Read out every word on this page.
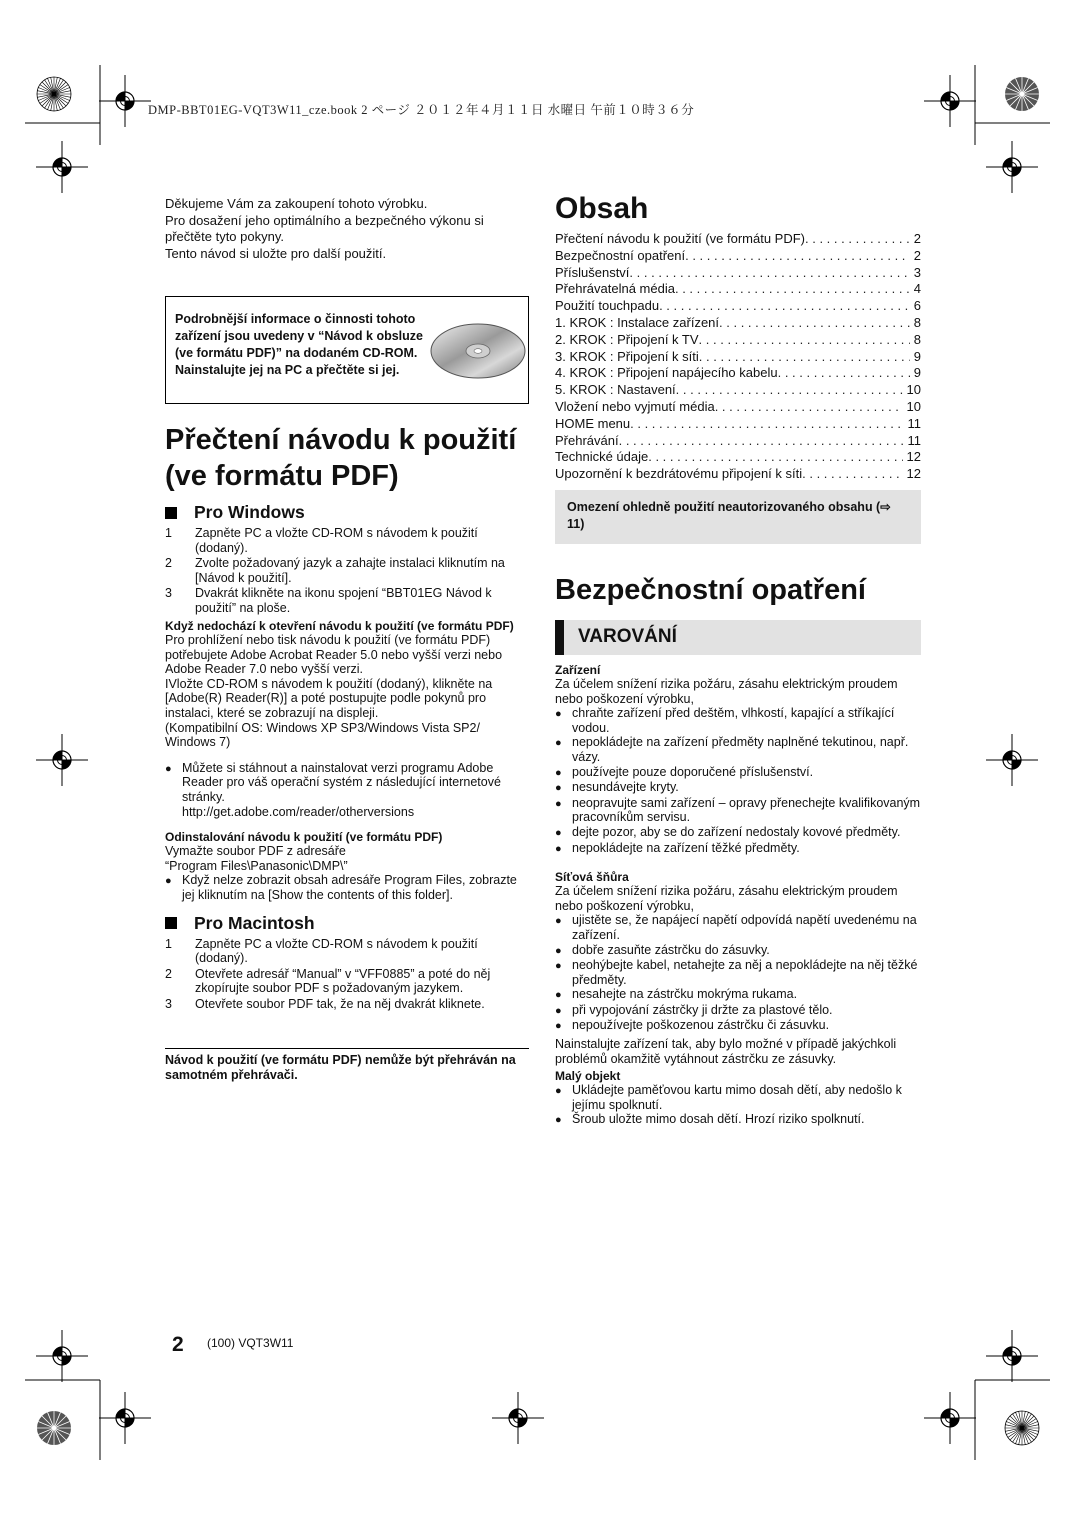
DMP-BBT01EG-VQT3W11_cze.book 2 ページ ２０１２年４月１１日 水曜日 午前１０時３６分

Děkujeme Vám za zakoupení tohoto výrobku.

Pro dosažení jeho optimálního a bezpečného výkonu si přečtěte tyto pokyny.

Tento návod si uložte pro další použití.

Podrobnější informace o činnosti tohoto zařízení jsou uvedeny v “Návod k obsluze (ve formátu PDF)” na dodaném CD-ROM. Nainstalujte jej na PC a přečtěte si jej.
Přečtení návodu k použití (ve formátu PDF)
Pro Windows
1	Zapněte PC a vložte CD-ROM s návodem k použití (dodaný).
2	Zvolte požadovaný jazyk a zahajte instalaci kliknutím na [Návod k použití].
3	Dvakrát klikněte na ikonu spojení “BBT01EG Návod k použití” na ploše.

Když nedochází k otevření návodu k použití (ve formátu PDF)

Pro prohlížení nebo tisk návodu k použití (ve formátu PDF) potřebujete Adobe Acrobat Reader 5.0 nebo vyšší verzi nebo Adobe Reader 7.0 nebo vyšší verzi.

IVložte CD-ROM s návodem k použití (dodaný), klikněte na [Adobe(R) Reader(R)] a poté postupujte podle pokynů pro instalaci, které se zobrazují na displeji.

(Kompatibilní OS: Windows XP SP3/Windows Vista SP2/ Windows 7)

● Můžete si stáhnout a nainstalovat verzi programu Adobe Reader pro váš operační systém z následující internetové stránky.
http://get.adobe.com/reader/otherversions

Odinstalování návodu k použití (ve formátu PDF)

Vymažte soubor PDF z adresáře

“Program Files\Panasonic\DMP\”

● Když nelze zobrazit obsah adresáře Program Files, zobrazte jej kliknutím na [Show the contents of this folder].
Pro Macintosh
1	Zapněte PC a vložte CD-ROM s návodem k použití (dodaný).
2	Otevřete adresář “Manual” v “VFF0885” a poté do něj zkopírujte soubor PDF s požadovaným jazykem.
3	Otevřete soubor PDF tak, že na něj dvakrát kliknete.

Návod k použití (ve formátu PDF) nemůže být přehráván na samotném přehrávači.

Obsah
Přečtení návodu k použití (ve formátu PDF) . . .	2
Bezpečnostní opatření . . .	2
Příslušenství . . .	3
Přehrávatelná média . . .	4
Použití touchpadu . . .	6
1. KROK : Instalace zařízení . . .	8
2. KROK : Připojení k TV . . .	8
3. KROK : Připojení k síti . . .	9
4. KROK : Připojení napájecího kabelu . . .	9
5. KROK : Nastavení . . .	10
Vložení nebo vyjmutí média . . .	10
HOME menu . . .	11
Přehrávání . . .	11
Technické údaje . . .	12
Upozornění k bezdrátovému připojení k síti . . .	12
Omezení ohledně použití neautorizovaného obsahu (⇨ 11)
Bezpečnostní opatření
VAROVÁNÍ

Zařízení

Za účelem snížení rizika požáru, zásahu elektrickým proudem nebo poškození výrobku,

● chraňte zařízení před deštěm, vlhkostí, kapající a stříkající vodou.
● nepokládejte na zařízení předměty naplněné tekutinou, např. vázy.
● používejte pouze doporučené příslušenství.
● nesundávejte kryty.
● neopravujte sami zařízení – opravy přenechejte kvalifikovaným pracovníkům servisu.
● dejte pozor, aby se do zařízení nedostaly kovové předměty.
● nepokládejte na zařízení těžké předměty.

Síťová šňůra

Za účelem snížení rizika požáru, zásahu elektrickým proudem nebo poškození výrobku,

● ujistěte se, že napájecí napětí odpovídá napětí uvedenému na zařízení.
● dobře zasuňte zástrčku do zásuvky.
● neohýbejte kabel, netahejte za něj a nepokládejte na něj těžké předměty.
● nesahejte na zástrčku mokrýma rukama.
● při vypojování zástrčky ji držte za plastové tělo.
● nepoužívejte poškozenou zástrčku či zásuvku.

Nainstalujte zařízení tak, aby bylo možné v případě jakýchkoli problémů okamžitě vytáhnout zástrčku ze zásuvky.

Malý objekt

● Ukládejte paměťovou kartu mimo dosah dětí, aby nedošlo k jejímu spolknutí.
● Šroub uložte mimo dosah dětí. Hrozí riziko spolknutí.
2 (100) VQT3W11
